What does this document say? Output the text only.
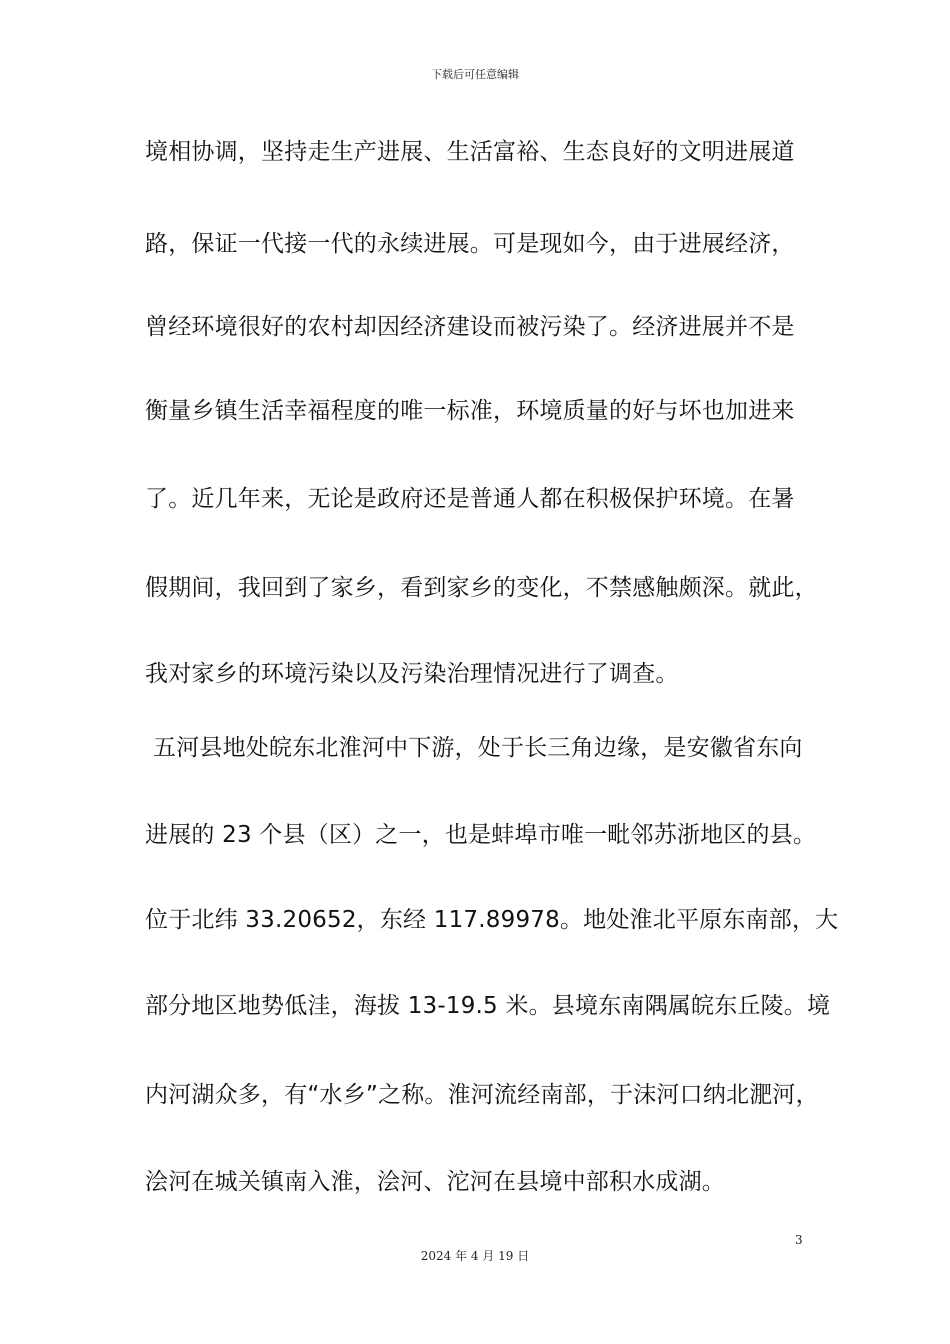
下载后可任意编辑
境相协调，坚持走生产进展、生活富裕、生态良好的文明进展道
路，保证一代接一代的永续进展。可是现如今，由于进展经济，
曾经环境很好的农村却因经济建设而被污染了。经济进展并不是
衡量乡镇生活幸福程度的唯一标准，环境质量的好与坏也加进来
了。近几年来，无论是政府还是普通人都在积极保护环境。在暑
假期间，我回到了家乡，看到家乡的变化，不禁感触颇深。就此，
我对家乡的环境污染以及污染治理情况进行了调查。
五河县地处皖东北淮河中下游，处于长三角边缘，是安徽省东向
进展的 23 个县（区）之一，也是蚌埠市唯一毗邻苏浙地区的县。
位于北纬 33.20652，东经 117.89978。地处淮北平原东南部，大
部分地区地势低洼，海拔 13-19.5 米。县境东南隅属皖东丘陵。境
内河湖众多，有“水乡”之称。淮河流经南部，于沫河口纳北淝河，
浍河在城关镇南入淮，浍河、沱河在县境中部积水成湖。
3
2024 年 4 月 19 日
